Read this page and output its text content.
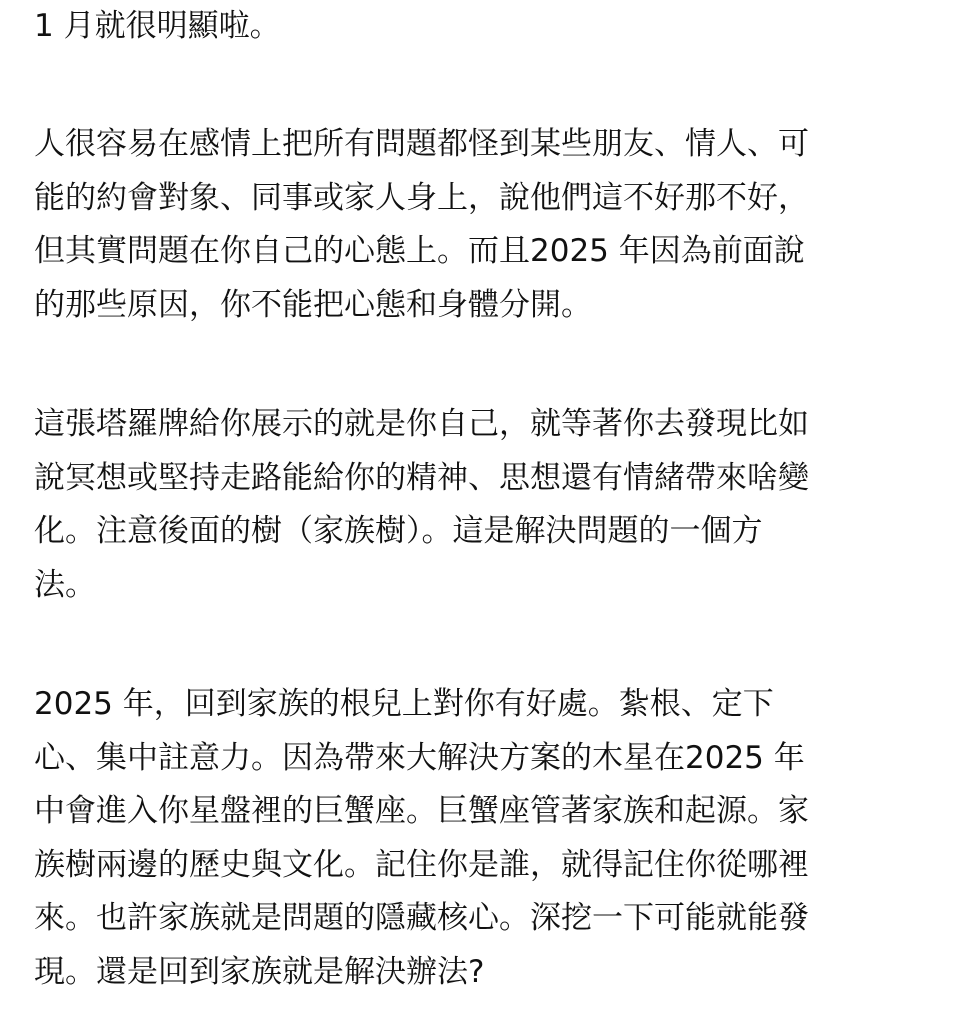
1 月就很明顯啦。
人很容易在感情上把所有問題都怪到某些朋友、情人、可
能的約會對象、同事或家人身上，說他們這不好那不好，
但其實問題在你自己的心態上。而且2025 年因為前面說
的那些原因，你不能把心態和身體分開。
這張塔羅牌給你展示的就是你自己，就等著你去發現比如
說冥想或堅持走路能給你的精神、思想還有情緒帶來啥變
化。注意後面的樹（家族樹）。這是解決問題的一個方
法。
2025 年，回到家族的根兒上對你有好處。紮根、定下
心、集中註意力。因為帶來大解決方案的木星在2025 年
中會進入你星盤裡的巨蟹座。巨蟹座管著家族和起源。家
族樹兩邊的歷史與文化。記住你是誰，就得記住你從哪裡
來。也許家族就是問題的隱藏核心。深挖一下可能就能發
現。還是回到家族就是解決辦法?
